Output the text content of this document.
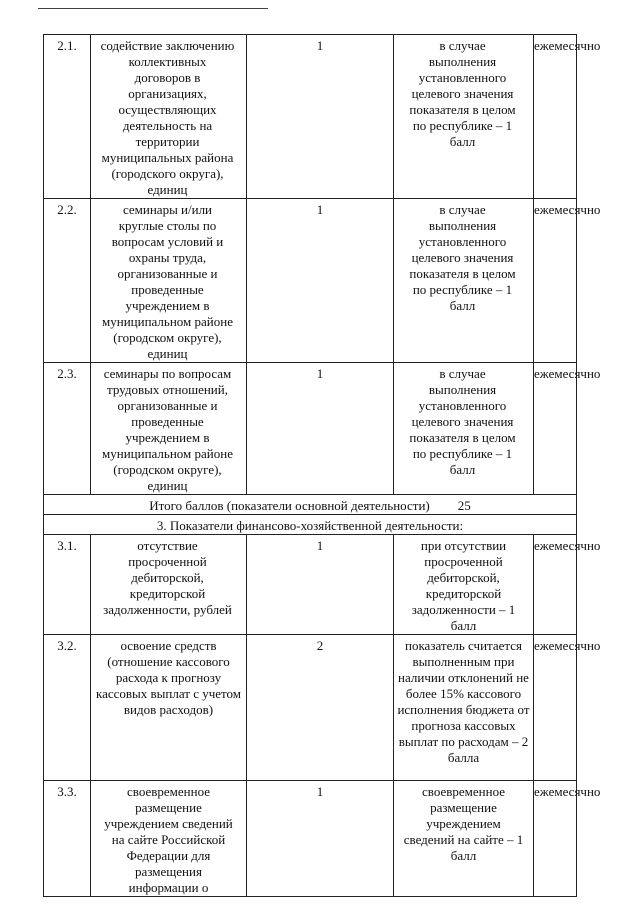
2.1.	содействие заключению коллективных договоров в организациях, осуществляющих деятельность на территории муниципальных района (городского округа), единиц	1	в случае выполнения установленного целевого значения показателя в целом по республике – 1 балл	ежемесячно
2.2.	семинары и/или круглые столы по вопросам условий и охраны труда, организованные и проведенные учреждением в муниципальном районе (городском округе), единиц	1	в случае выполнения установленного целевого значения показателя в целом по республике – 1 балл	ежемесячно
2.3.	семинары по вопросам трудовых отношений, организованные и проведенные учреждением в муниципальном районе (городском округе), единиц	1	в случае выполнения установленного целевого значения показателя в целом по республике – 1 балл	ежемесячно
Итого баллов (показатели основной деятельности) 25				
3. Показатели финансово-хозяйственной деятельности:				
3.1.	отсутствие просроченной дебиторской, кредиторской задолженности, рублей	1	при отсутствии просроченной дебиторской, кредиторской задолженности – 1 балл	ежемесячно
3.2.	освоение средств (отношение кассового расхода к прогнозу кассовых выплат с учетом видов расходов)	2	показатель считается выполненным при наличии отклонений не более 15% кассового исполнения бюджета от прогноза кассовых выплат по расходам – 2 балла	ежемесячно
3.3.	своевременное размещение учреждением сведений на сайте Российской Федерации для размещения информации о	1	своевременное размещение учреждением сведений на сайте – 1 балл	ежемесячно
